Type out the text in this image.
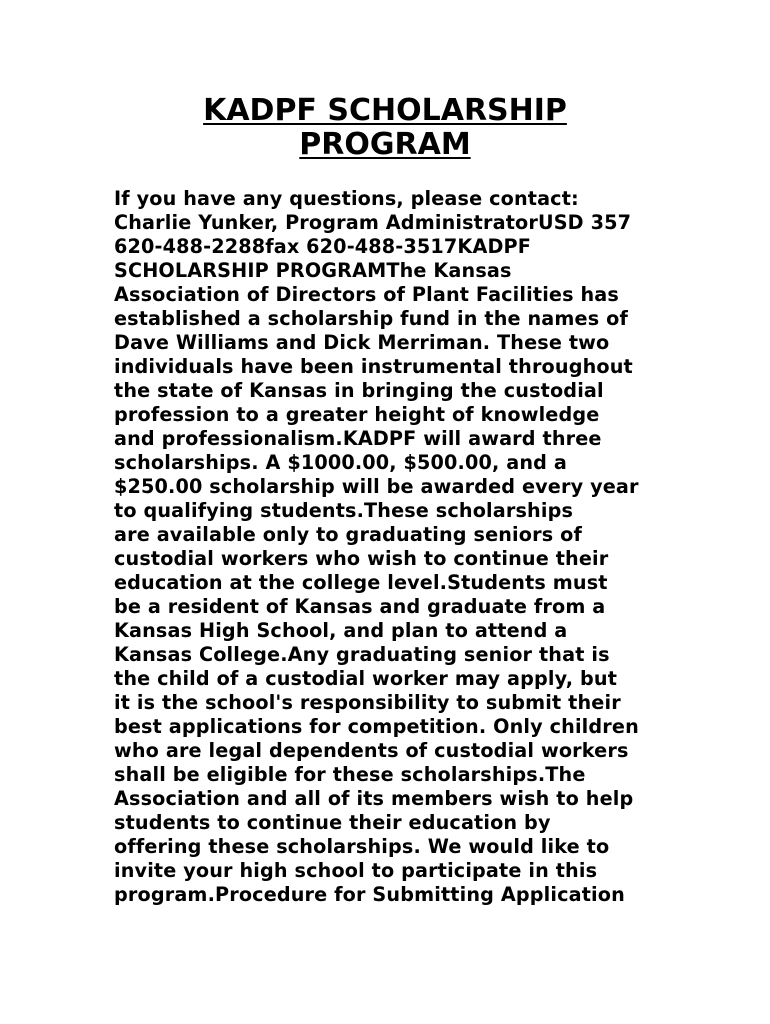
KADPF SCHOLARSHIP
PROGRAM
If you have any questions, please contact:
Charlie Yunker, Program AdministratorUSD 357
620-488-2288fax 620-488-3517KADPF
SCHOLARSHIP PROGRAMThe Kansas
Association of Directors of Plant Facilities has
established a scholarship fund in the names of
Dave Williams and Dick Merriman. These two
individuals have been instrumental throughout
the state of Kansas in bringing the custodial
profession to a greater height of knowledge
and professionalism.KADPF will award three
scholarships. A $1000.00, $500.00, and a
$250.00 scholarship will be awarded every year
to qualifying students.These scholarships
are available only to graduating seniors of
custodial workers who wish to continue their
education at the college level.Students must
be a resident of Kansas and graduate from a
Kansas High School, and plan to attend a
Kansas College.Any graduating senior that is
the child of a custodial worker may apply, but
it is the school's responsibility to submit their
best applications for competition. Only children
who are legal dependents of custodial workers
shall be eligible for these scholarships.The
Association and all of its members wish to help
students to continue their education by
offering these scholarships. We would like to
invite your high school to participate in this
program.Procedure for Submitting Application
